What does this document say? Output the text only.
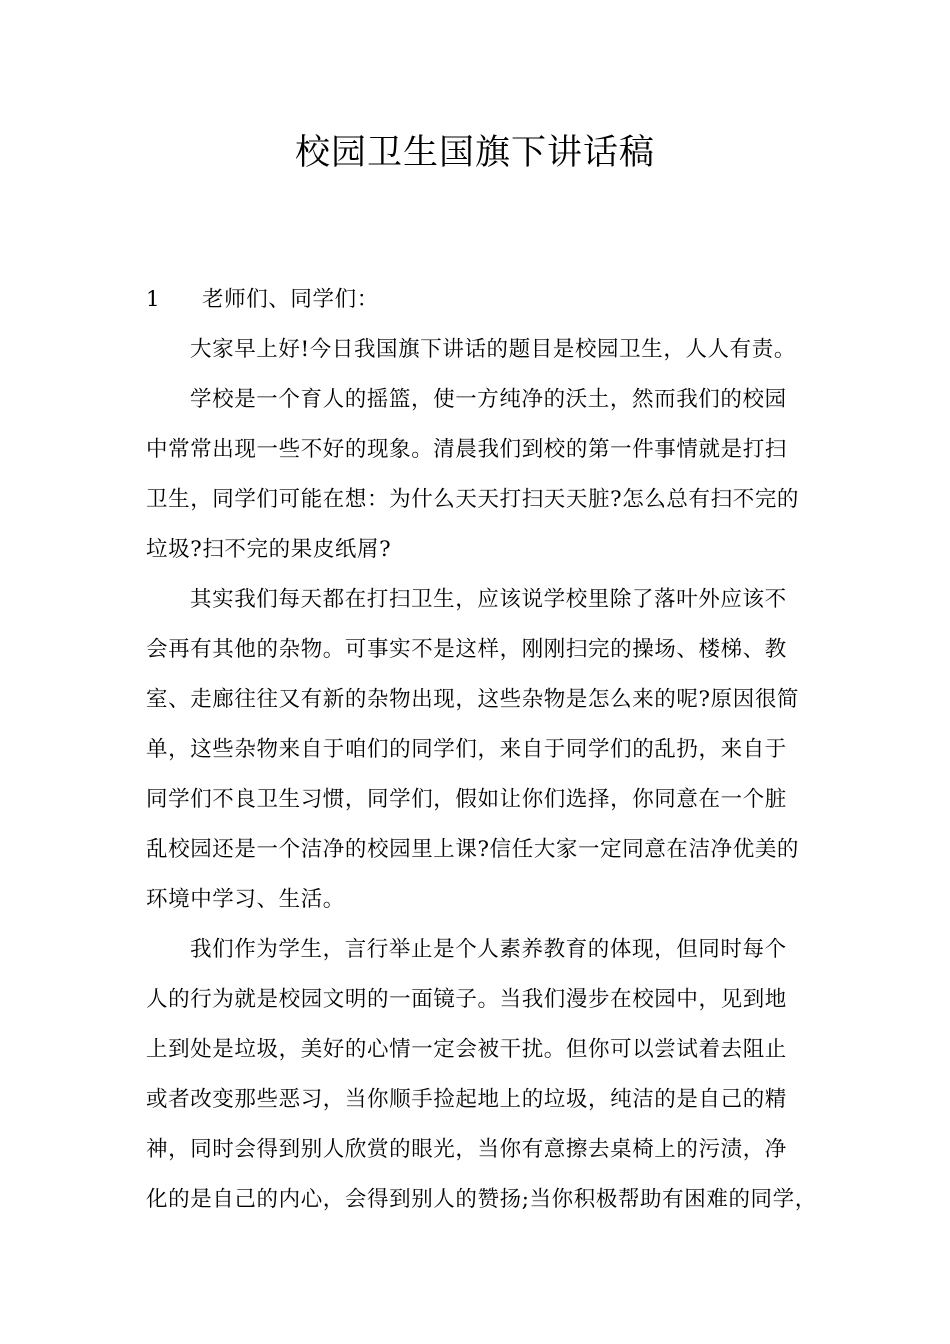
校园卫生国旗下讲话稿
1 老师们、同学们：
大家早上好!今日我国旗下讲话的题目是校园卫生，人人有责。
学校是一个育人的摇篮，使一方纯净的沃土，然而我们的校园
中常常出现一些不好的现象。清晨我们到校的第一件事情就是打扫
卫生，同学们可能在想：为什么天天打扫天天脏?怎么总有扫不完的
垃圾?扫不完的果皮纸屑?
其实我们每天都在打扫卫生，应该说学校里除了落叶外应该不
会再有其他的杂物。可事实不是这样，刚刚扫完的操场、楼梯、教
室、走廊往往又有新的杂物出现，这些杂物是怎么来的呢?原因很简
单，这些杂物来自于咱们的同学们，来自于同学们的乱扔，来自于
同学们不良卫生习惯，同学们，假如让你们选择，你同意在一个脏
乱校园还是一个洁净的校园里上课?信任大家一定同意在洁净优美的
环境中学习、生活。
我们作为学生，言行举止是个人素养教育的体现，但同时每个
人的行为就是校园文明的一面镜子。当我们漫步在校园中，见到地
上到处是垃圾，美好的心情一定会被干扰。但你可以尝试着去阻止
或者改变那些恶习，当你顺手捡起地上的垃圾，纯洁的是自己的精
神，同时会得到别人欣赏的眼光，当你有意擦去桌椅上的污渍，净
化的是自己的内心，会得到别人的赞扬;当你积极帮助有困难的同学，
